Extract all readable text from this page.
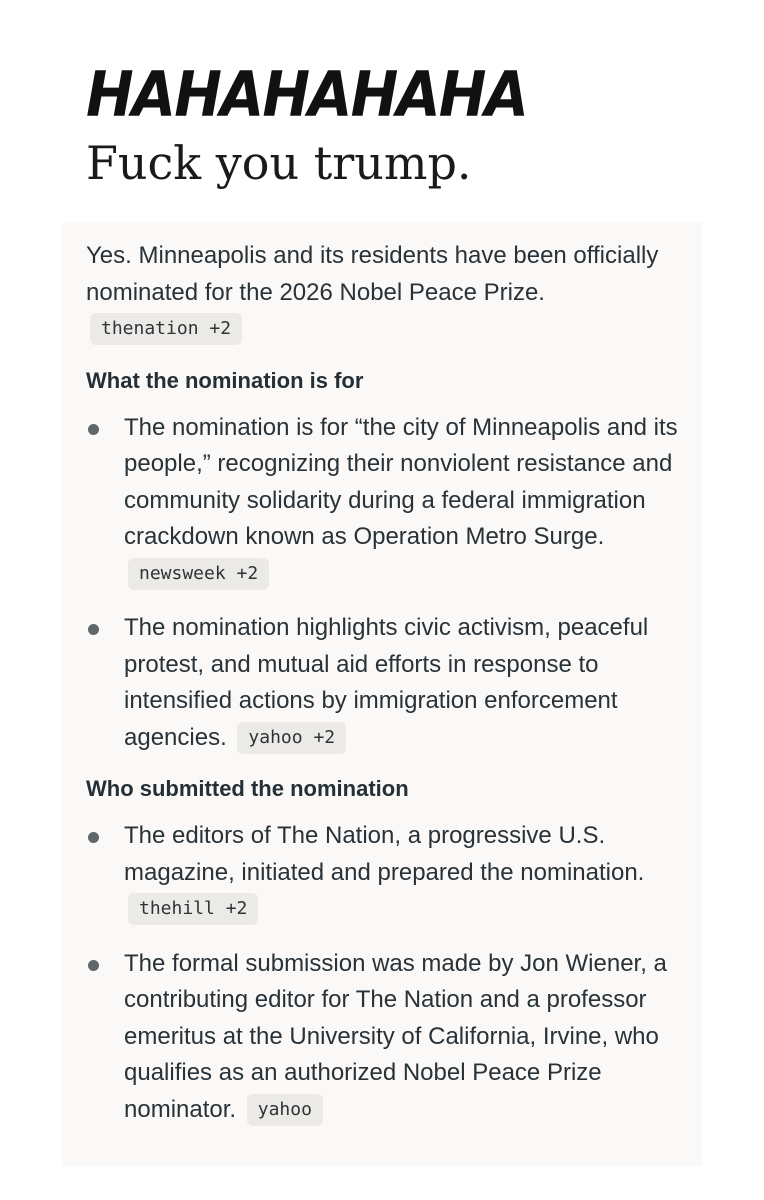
HAHAHAHAHA
Fuck you trump.

Yes. Minneapolis and its residents have been officially nominated for the 2026 Nobel Peace Prize. thenation +2

What the nomination is for
The nomination is for “the city of Minneapolis and its people,” recognizing their nonviolent resistance and community solidarity during a federal immigration crackdown known as Operation Metro Surge. newsweek +2
The nomination highlights civic activism, peaceful protest, and mutual aid efforts in response to intensified actions by immigration enforcement agencies. yahoo +2
Who submitted the nomination
The editors of The Nation, a progressive U.S. magazine, initiated and prepared the nomination. thehill +2
The formal submission was made by Jon Wiener, a contributing editor for The Nation and a professor emeritus at the University of California, Irvine, who qualifies as an authorized Nobel Peace Prize nominator. yahoo
